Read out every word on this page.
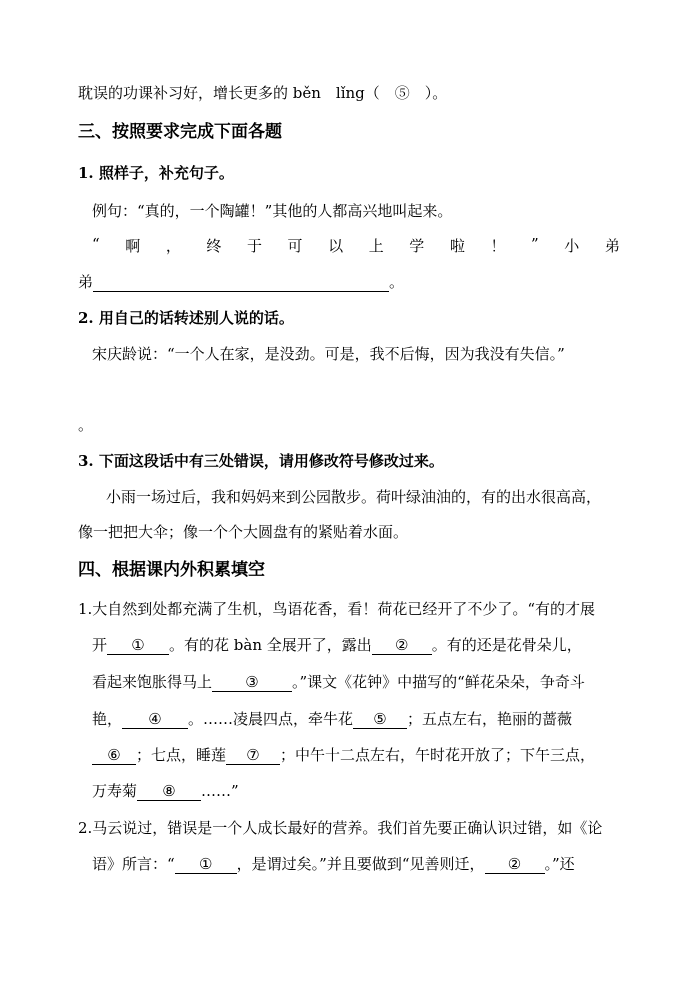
耽误的功课补习好，增长更多的 běn　lǐng（　⑤　）。
三、按照要求完成下面各题
1. 照样子，补充句子。
例句：“真的，一个陶罐！”其他的人都高兴地叫起来。
“ 啊 ， 终 于 可 以 上 学 啦 ！ ” 小 弟
弟	。
2. 用自己的话转述别人说的话。
宋庆龄说：“一个人在家，是没劲。可是，我不后悔，因为我没有失信。”
。
3. 下面这段话中有三处错误，请用修改符号修改过来。
小雨一场过后，我和妈妈来到公园散步。荷叶绿油油的，有的出水很高高，
像一把把大伞；像一个个大圆盘有的紧贴着水面。
四、根据课内外积累填空
1.大自然到处都充满了生机，鸟语花香，看！荷花已经开了不少了。“有的才展
开 ① 。有的花 bàn 全展开了，露出 ② 。有的还是花骨朵儿，
看起来饱胀得马上 ③ 。”课文《花钟》中描写的“鲜花朵朵，争奇斗
艳， ④ 。……凌晨四点，牵牛花 ⑤ ；五点左右，艳丽的蔷薇
⑥ ；七点，睡莲 ⑦ ；中午十二点左右，午时花开放了；下午三点，
万寿菊 ⑧ ……”
2.马云说过，错误是一个人成长最好的营养。我们首先要正确认识过错，如《论
语》所言：“ ① ，是谓过矣。”并且要做到“见善则迁， ② 。”还
